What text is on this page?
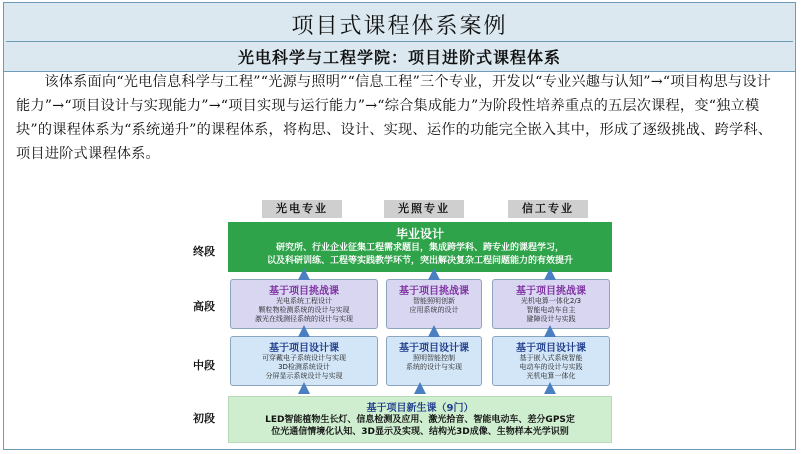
项目式课程体系案例
光电科学与工程学院：项目进阶式课程体系
该体系面向“光电信息科学与工程”“光源与照明”“信息工程”三个专业，开发以“专业兴趣与认知”→“项目构思与设计能力”→“项目设计与实现能力”→“项目实现与运行能力”→“综合集成能力”为阶段性培养重点的五层次课程，变“独立模块”的课程体系为“系统递升”的课程体系，将构思、设计、实现、运作的功能完全嵌入其中，形成了逐级挑战、跨学科、项目进阶式课程体系。
光电专业	光照专业	信工专业
终段
高段
中段
初段
毕业设计
研究所、行业企业征集工程需求题目，集成跨学科、跨专业的课程学习，
以及科研训练、工程等实践教学环节，突出解决复杂工程问题能力的有效提升
基于项目挑战课
光电系统工程设计
颗粒物检测系统的设计与实现
激光在线测径系统的设计与实现
基于项目挑战课
智能照明创新
应用系统的设计
基于项目挑战课
光机电算一体化2/3
智能电动车自主
避障设计与实践
基于项目设计课
可穿戴电子系统设计与实现
3D检测系统设计
分屏显示系统设计与实现
基于项目设计课
照明智能控制
系统的设计与实现
基于项目设计课
基于嵌入式系统智能
电动车的设计与实践
光机电算一体化
基于项目新生课（9门）
LED智能植物生长灯、信息检测及应用、激光拾音、智能电动车、差分GPS定
位光通信情境化认知、3D显示及实现、结构光3D成像、生物样本光学识别
